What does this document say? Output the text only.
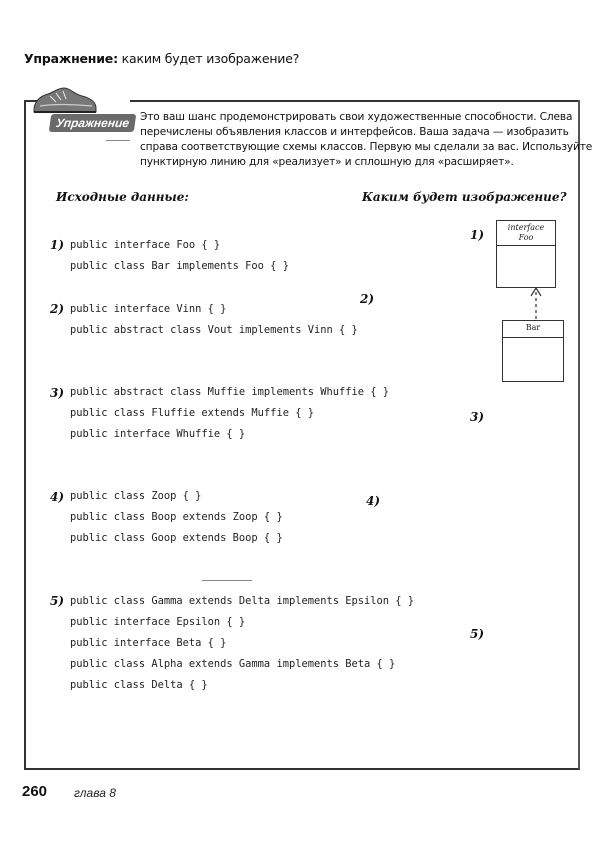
Упражнение: каким будет изображение?
Упражнение Это ваш шанс продемонстрировать свои художественные способности. Слева
перечислены объявления классов и интерфейсов. Ваша задача — изобразить
справа соответствующие схемы классов. Первую мы сделали за вас. Используйте
пунктирную линию для «реализует» и сплошную для «расширяет».
Исходные данные:	Каким будет изображение?
1) public interface Foo { }
public class Bar implements Foo { }
2) public interface Vinn { }
public abstract class Vout implements Vinn { }
3) public abstract class Muffie implements Whuffie { }
public class Fluffie extends Muffie { }
public interface Whuffie { }
4) public class Zoop { }
public class Boop extends Zoop { }
public class Goop extends Boop { }
5) public class Gamma extends Delta implements Epsilon { }
public interface Epsilon { }
public interface Beta { }
public class Alpha extends Gamma implements Beta { }
public class Delta { }
1)
2)
3)
4)
5)
interface
Foo
Bar
260 глава 8
